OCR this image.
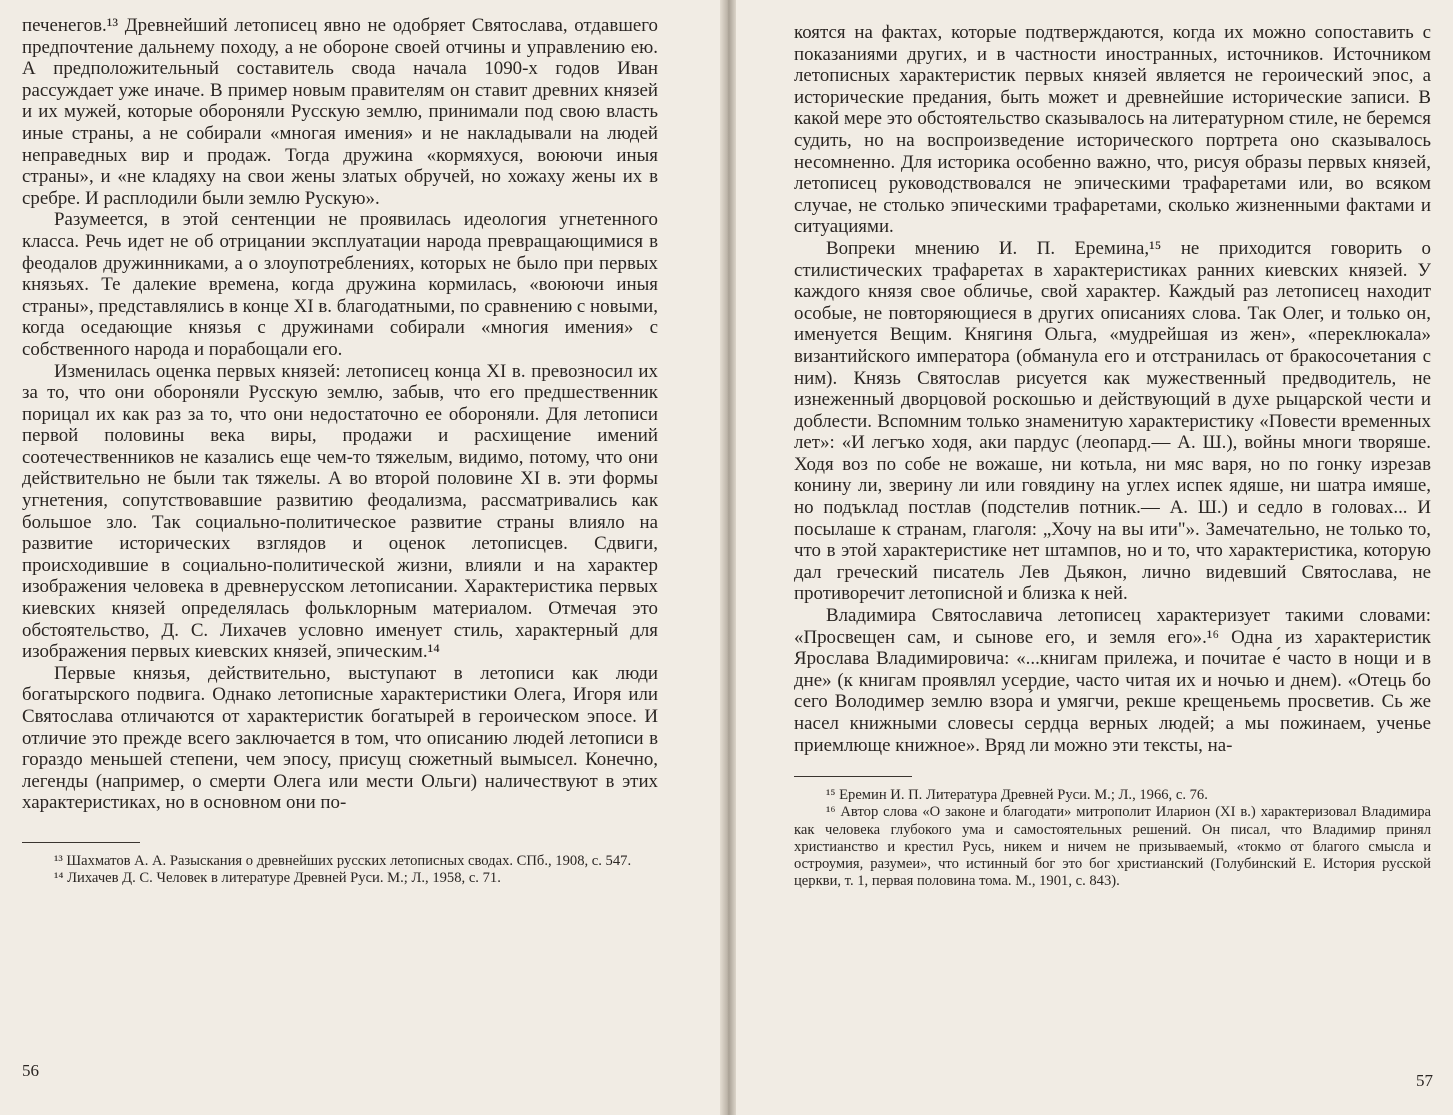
печенегов.¹³ Древнейший летописец явно не одобряет Святослава, отдавшего предпочтение дальнему походу, а не обороне своей отчины и управлению ею. А предположительный составитель свода начала 1090-х годов Иван рассуждает уже иначе. В пример новым правителям он ставит древних князей и их мужей, которые обороняли Русскую землю, принимали под свою власть иные страны, а не собирали «многая имения» и не накладывали на людей неправедных вир и продаж. Тогда дружина «кормяхуся, воюючи иныя страны», и «не кладяху на свои жены златых обручей, но хожаху жены их в сребре. И расплодили были землю Рускую».

Разумеется, в этой сентенции не проявилась идеология угнетенного класса. Речь идет не об отрицании эксплуатации народа превращающимися в феодалов дружинниками, а о злоупотреблениях, которых не было при первых князьях. Те далекие времена, когда дружина кормилась, «воюючи иныя страны», представлялись в конце XI в. благодатными, по сравнению с новыми, когда оседающие князья с дружинами собирали «многия имения» с собственного народа и порабощали его.

Изменилась оценка первых князей: летописец конца XI в. превозносил их за то, что они обороняли Русскую землю, забыв, что его предшественник порицал их как раз за то, что они недостаточно ее обороняли. Для летописи первой половины века виры, продажи и расхищение имений соотечественников не казались еще чем-то тяжелым, видимо, потому, что они действительно не были так тяжелы. А во второй половине XI в. эти формы угнетения, сопутствовавшие развитию феодализма, рассматривались как большое зло. Так социально-политическое развитие страны влияло на развитие исторических взглядов и оценок летописцев. Сдвиги, происходившие в социально-политической жизни, влияли и на характер изображения человека в древнерусском летописании. Характеристика первых киевских князей определялась фольклорным материалом. Отмечая это обстоятельство, Д. С. Лихачев условно именует стиль, характерный для изображения первых киевских князей, эпическим.¹⁴

Первые князья, действительно, выступают в летописи как люди богатырского подвига. Однако летописные характеристики Олега, Игоря или Святослава отличаются от характеристик богатырей в героическом эпосе. И отличие это прежде всего заключается в том, что описанию людей летописи в гораздо меньшей степени, чем эпосу, присущ сюжетный вымысел. Конечно, легенды (например, о смерти Олега или мести Ольги) наличествуют в этих характеристиках, но в основном они по-

¹³ Шахматов А. А. Разыскания о древнейших русских летописных сводах. СПб., 1908, с. 547.

¹⁴ Лихачев Д. С. Человек в литературе Древней Руси. М.; Л., 1958, с. 71.

56

коятся на фактах, которые подтверждаются, когда их можно сопоставить с показаниями других, и в частности иностранных, источников. Источником летописных характеристик первых князей является не героический эпос, а исторические предания, быть может и древнейшие исторические записи. В какой мере это обстоятельство сказывалось на литературном стиле, не беремся судить, но на воспроизведение исторического портрета оно сказывалось несомненно. Для историка особенно важно, что, рисуя образы первых князей, летописец руководствовался не эпическими трафаретами или, во всяком случае, не столько эпическими трафаретами, сколько жизненными фактами и ситуациями.

Вопреки мнению И. П. Еремина,¹⁵ не приходится говорить о стилистических трафаретах в характеристиках ранних киевских князей. У каждого князя свое обличье, свой характер. Каждый раз летописец находит особые, не повторяющиеся в других описаниях слова. Так Олег, и только он, именуется Вещим. Княгиня Ольга, «мудрейшая из жен», «переклюкала» византийского императора (обманула его и отстранилась от бракосочетания с ним). Князь Святослав рисуется как мужественный предводитель, не изнеженный дворцовой роскошью и действующий в духе рыцарской чести и доблести. Вспомним только знаменитую характеристику «Повести временных лет»: «И легъко ходя, аки пардус (леопард.— А. Ш.), войны многи творяше. Ходя воз по собе не вожаше, ни котьла, ни мяс варя, но по гонку изрезав конину ли, зверину ли или говядину на углех испек ядяше, ни шатра имяше, но подъклад постлав (подстелив потник.— А. Ш.) и седло в головах... И посылаше к странам, глаголя: „Хочу на вы ити"». Замечательно, не только то, что в этой характеристике нет штампов, но и то, что характеристика, которую дал греческий писатель Лев Дьякон, лично видевший Святослава, не противоречит летописной и близка к ней.

Владимира Святославича летописец характеризует такими словами: «Просвещен сам, и сынове его, и земля его».¹⁶ Одна из характеристик Ярослава Владимировича: «...книгам прилежа, и почитае е́ часто в нощи и в дне» (к книгам проявлял усердие, часто читая их и ночью и днем). «Отець бо сего Володимер землю взора́ и умягчи, рекше крещеньемь просветив. Сь же насел книжными словесы сердца верных людей; а мы пожинаем, ученье приемлюще книжное». Вряд ли можно эти тексты, на-

¹⁵ Еремин И. П. Литература Древней Руси. М.; Л., 1966, с. 76.

¹⁶ Автор слова «О законе и благодати» митрополит Иларион (XI в.) характеризовал Владимира как человека глубокого ума и самостоятельных решений. Он писал, что Владимир принял христианство и крестил Русь, никем и ничем не призываемый, «токмо от благого смысла и остроумия, разумеи», что истинный бог это бог христианский (Голубинский Е. История русской церкви, т. 1, первая половина тома. М., 1901, с. 843).

57
